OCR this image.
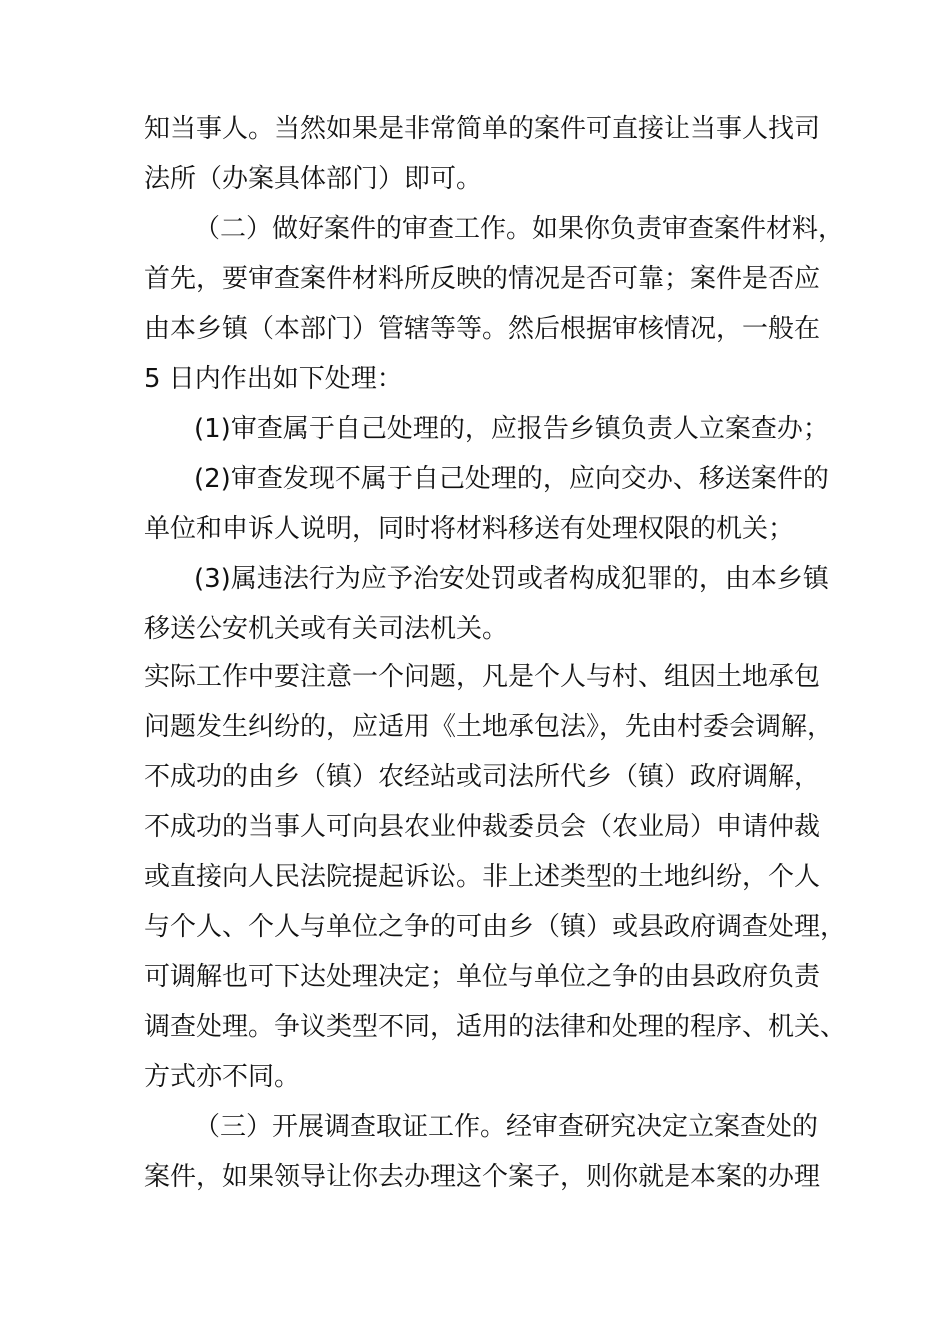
知当事人。当然如果是非常简单的案件可直接让当事人找司
法所（办案具体部门）即可。
（二）做好案件的审查工作。如果你负责审查案件材料，
首先，要审查案件材料所反映的情况是否可靠；案件是否应
由本乡镇（本部门）管辖等等。然后根据审核情况，一般在
5 日内作出如下处理：
(1)审查属于自己处理的，应报告乡镇负责人立案查办；
(2)审查发现不属于自己处理的，应向交办、移送案件的
单位和申诉人说明，同时将材料移送有处理权限的机关；
(3)属违法行为应予治安处罚或者构成犯罪的，由本乡镇
移送公安机关或有关司法机关。
实际工作中要注意一个问题，凡是个人与村、组因土地承包
问题发生纠纷的，应适用《土地承包法》，先由村委会调解，
不成功的由乡（镇）农经站或司法所代乡（镇）政府调解，
不成功的当事人可向县农业仲裁委员会（农业局）申请仲裁
或直接向人民法院提起诉讼。非上述类型的土地纠纷，个人
与个人、个人与单位之争的可由乡（镇）或县政府调查处理，
可调解也可下达处理决定；单位与单位之争的由县政府负责
调查处理。争议类型不同，适用的法律和处理的程序、机关、
方式亦不同。
（三）开展调查取证工作。经审查研究决定立案查处的
案件，如果领导让你去办理这个案子，则你就是本案的办理
